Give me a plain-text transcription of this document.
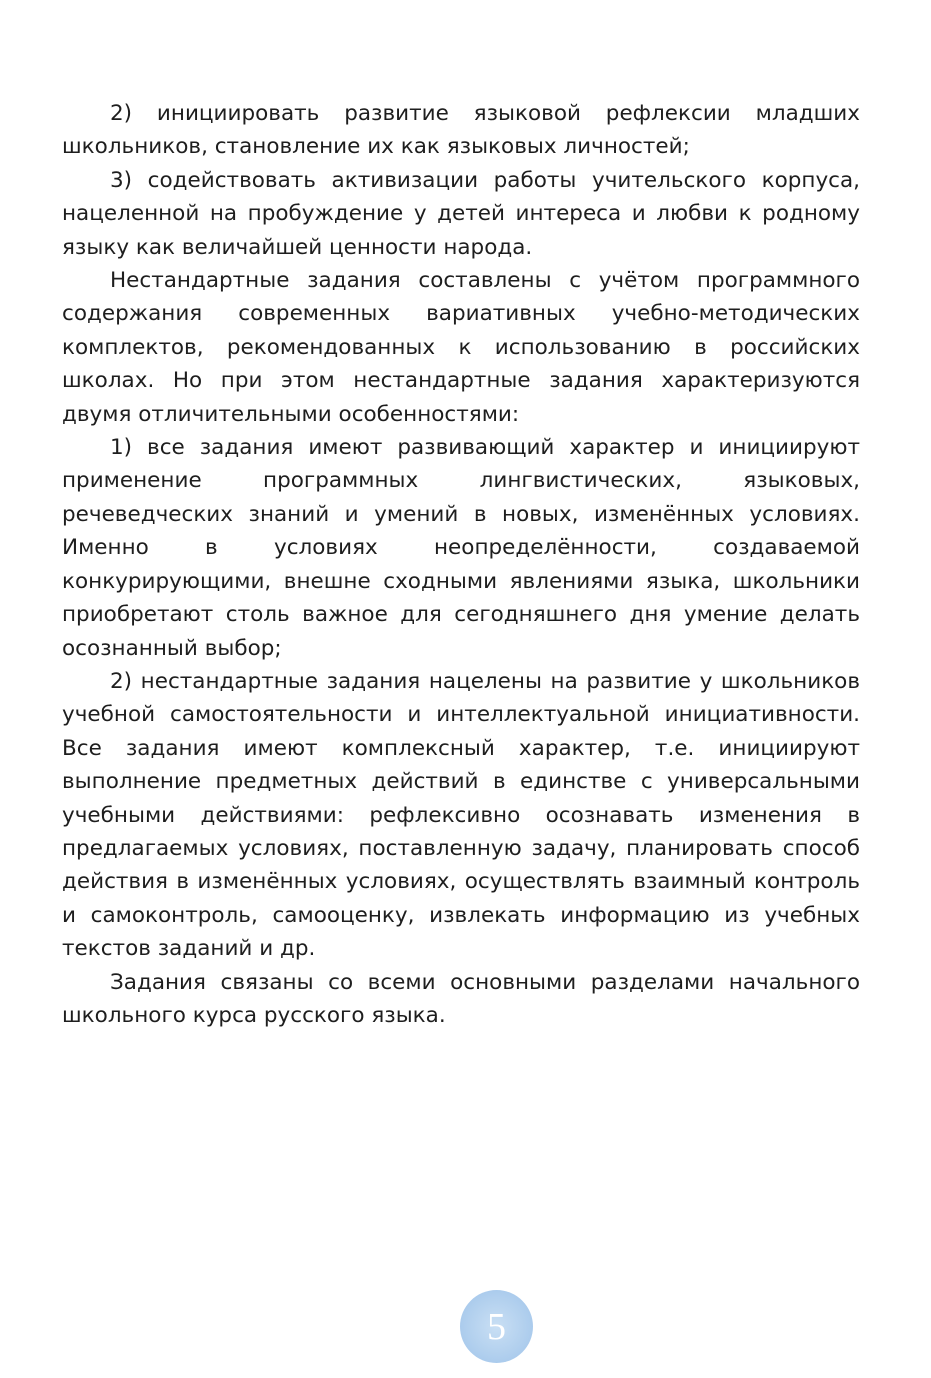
2) инициировать развитие языковой рефлексии младших школьников, становление их как языковых личностей;

3) содействовать активизации работы учительского корпуса, нацеленной на пробуждение у детей интереса и любви к родному языку как величайшей ценности народа.

Нестандартные задания составлены с учётом программного содержания современных вариативных учебно-методических комплектов, рекомендованных к использованию в российских школах. Но при этом нестандартные задания характеризуются двумя отличительными особенностями:

1) все задания имеют развивающий характер и инициируют применение программных лингвистических, языковых, речеведческих знаний и умений в новых, изменённых условиях. Именно в условиях неопределённости, создаваемой конкурирующими, внешне сходными явлениями языка, школьники приобретают столь важное для сегодняшнего дня умение делать осознанный выбор;

2) нестандартные задания нацелены на развитие у школьников учебной самостоятельности и интеллектуальной инициативности. Все задания имеют комплексный характер, т.е. инициируют выполнение предметных действий в единстве с универсальными учебными действиями: рефлексивно осознавать изменения в предлагаемых условиях, поставленную задачу, планировать способ действия в изменённых условиях, осуществлять взаимный контроль и самоконтроль, самооценку, извлекать информацию из учебных текстов заданий и др.

Задания связаны со всеми основными разделами начального школьного курса русского языка.

5
